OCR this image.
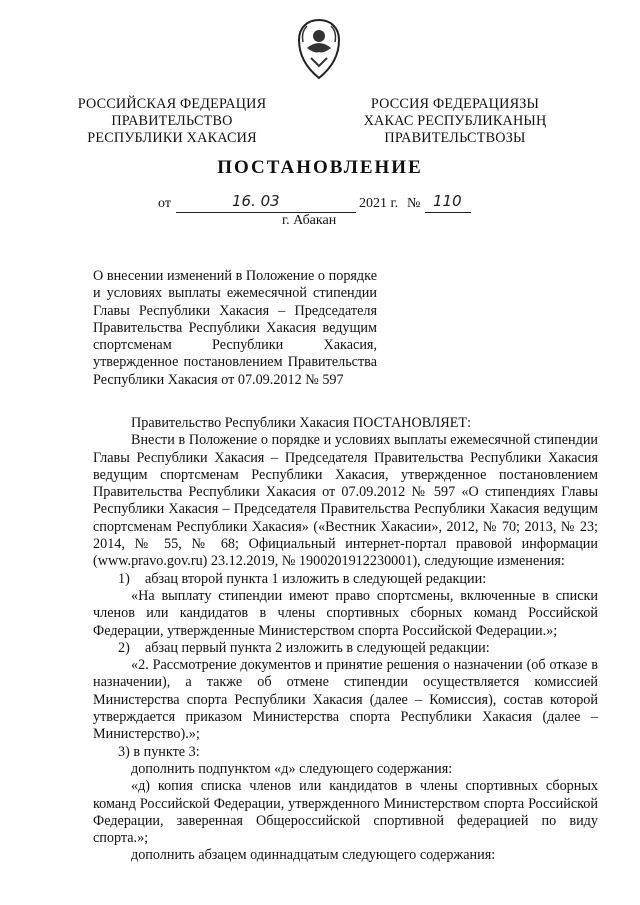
РОССИЙСКАЯ ФЕДЕРАЦИЯ
ПРАВИТЕЛЬСТВО
РЕСПУБЛИКИ ХАКАСИЯ
РОССИЯ ФЕДЕРАЦИЯЗЫ
ХАКАС РЕСПУБЛИКАНЫҢ
ПРАВИТЕЛЬСТВОЗЫ
ПОСТАНОВЛЕНИЕ
от	16. 03	2021 г. № 110
г. Абакан
О внесении изменений в Положение о порядке
и условиях выплаты ежемесячной стипендии
Главы Республики Хакасия – Председателя
Правительства Республики Хакасия ведущим
спортсменам Республики Хакасия,
утвержденное постановлением Правительства
Республики Хакасия от 07.09.2012 № 597

Правительство Республики Хакасия ПОСТАНОВЛЯЕТ:

Внести в Положение о порядке и условиях выплаты ежемесячной стипендии Главы Республики Хакасия – Председателя Правительства Республики Хакасия ведущим спортсменам Республики Хакасия, утвержденное постановлением Правительства Республики Хакасия от 07.09.2012 № 597 «О стипендиях Главы Республики Хакасия – Председателя Правительства Республики Хакасия ведущим спортсменам Республики Хакасия» («Вестник Хакасии», 2012, № 70; 2013, № 23; 2014, № 55, № 68; Официальный интернет-портал правовой информации (www.pravo.gov.ru) 23.12.2019, № 1900201912230001), следующие изменения:

1)	абзац второй пункта 1 изложить в следующей редакции:

«На выплату стипендии имеют право спортсмены, включенные в списки членов или кандидатов в члены спортивных сборных команд Российской Федерации, утвержденные Министерством спорта Российской Федерации.»;

2)	абзац первый пункта 2 изложить в следующей редакции:

«2. Рассмотрение документов и принятие решения о назначении (об отказе в назначении), а также об отмене стипендии осуществляется комиссией Министерства спорта Республики Хакасия (далее – Комиссия), состав которой утверждается приказом Министерства спорта Республики Хакасия (далее – Министерство).»;

3) в пункте 3:

дополнить подпунктом «д» следующего содержания:

«д) копия списка членов или кандидатов в члены спортивных сборных команд Российской Федерации, утвержденного Министерством спорта Российской Федерации, заверенная Общероссийской спортивной федерацией по виду спорта.»;

дополнить абзацем одиннадцатым следующего содержания:
